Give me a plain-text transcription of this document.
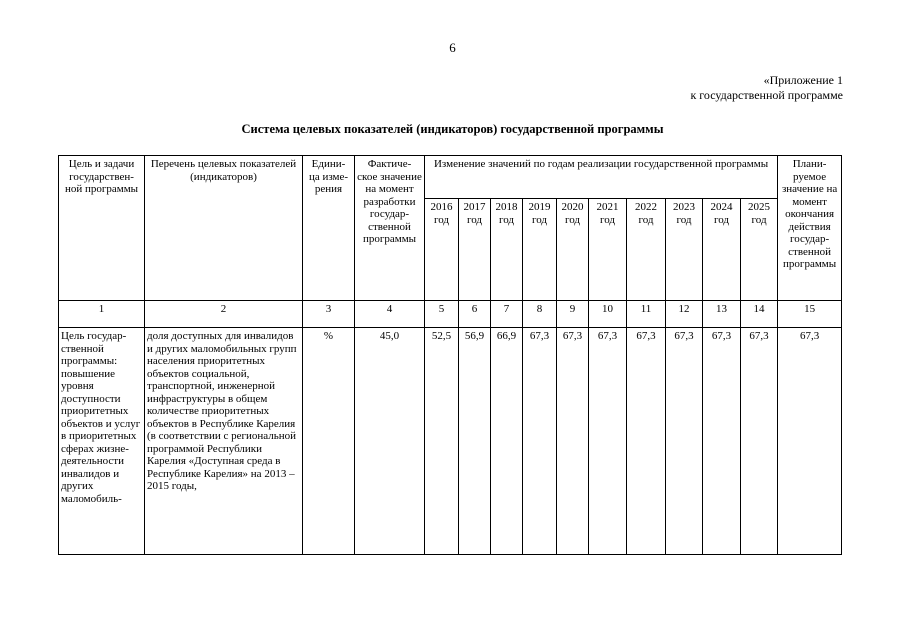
6
«Приложение 1
к государственной программе
Система целевых показателей (индикаторов) государственной программы
Цель и задачи государствен- ной программы	Перечень целевых показателей (индикаторов)	Едини- ца изме- рения	Фактиче- ское значение на момент разработки государ- ственной программы	Изменение значений по годам реализации государственной программы										Плани- руемое значение на момент окончания действия государ- ственной программы
				2016 год	2017 год	2018 год	2019 год	2020 год	2021 год	2022 год	2023 год	2024 год	2025 год	
1	2	3	4	5	6	7	8	9	10	11	12	13	14	15
Цель государ- ственной программы: повышение уровня доступности приоритетных объектов и услуг в приоритетных сферах жизне- деятельности инвалидов и других маломобиль-	доля доступных для инвалидов и других маломобильных групп населения приоритетных объектов социальной, транспортной, инженерной инфраструктуры в общем количестве приоритетных объектов в Республике Карелия (в соответствии с региональной программой Республики Карелия «Доступная среда в Республике Карелия» на 2013 – 2015 годы,	%	45,0	52,5	56,9	66,9	67,3	67,3	67,3	67,3	67,3	67,3	67,3	67,3
